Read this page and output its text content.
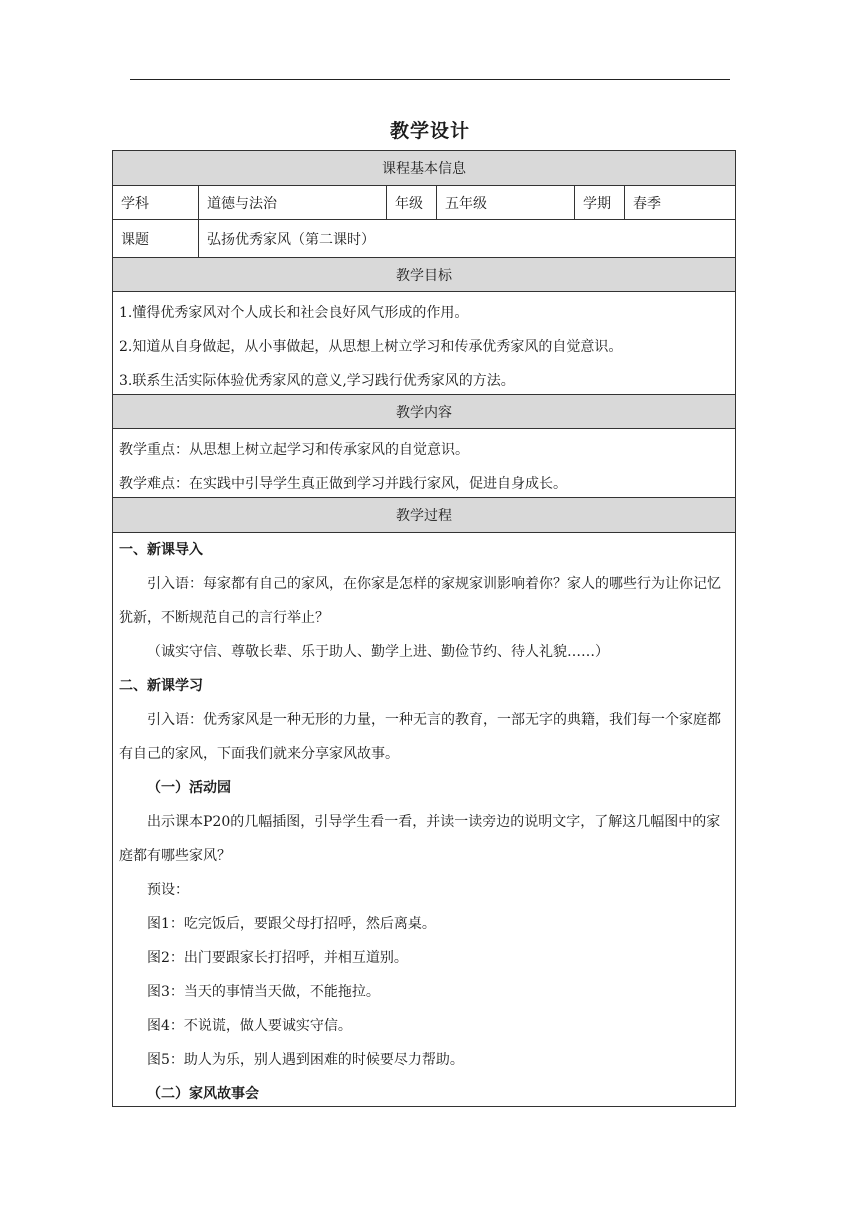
教学设计
课程基本信息
学科	道德与法治	年级	五年级	学期	春季
课题	弘扬优秀家风（第二课时）
教学目标

1.懂得优秀家风对个人成长和社会良好风气形成的作用。

2.知道从自身做起，从小事做起，从思想上树立学习和传承优秀家风的自觉意识。

3.联系生活实际体验优秀家风的意义,学习践行优秀家风的方法。

教学内容

教学重点：从思想上树立起学习和传承家风的自觉意识。

教学难点：在实践中引导学生真正做到学习并践行家风，促进自身成长。

教学过程

一、新课导入

引入语：每家都有自己的家风，在你家是怎样的家规家训影响着你？家人的哪些行为让你记忆犹新，不断规范自己的言行举止？

（诚实守信、尊敬长辈、乐于助人、勤学上进、勤俭节约、待人礼貌……）

二、新课学习

引入语：优秀家风是一种无形的力量，一种无言的教育，一部无字的典籍，我们每一个家庭都有自己的家风，下面我们就来分享家风故事。

（一）活动园

出示课本P20的几幅插图，引导学生看一看，并读一读旁边的说明文字，了解这几幅图中的家庭都有哪些家风？

预设：

图1：吃完饭后，要跟父母打招呼，然后离桌。

图2：出门要跟家长打招呼，并相互道别。

图3：当天的事情当天做，不能拖拉。

图4：不说谎，做人要诚实守信。

图5：助人为乐，别人遇到困难的时候要尽力帮助。

（二）家风故事会
